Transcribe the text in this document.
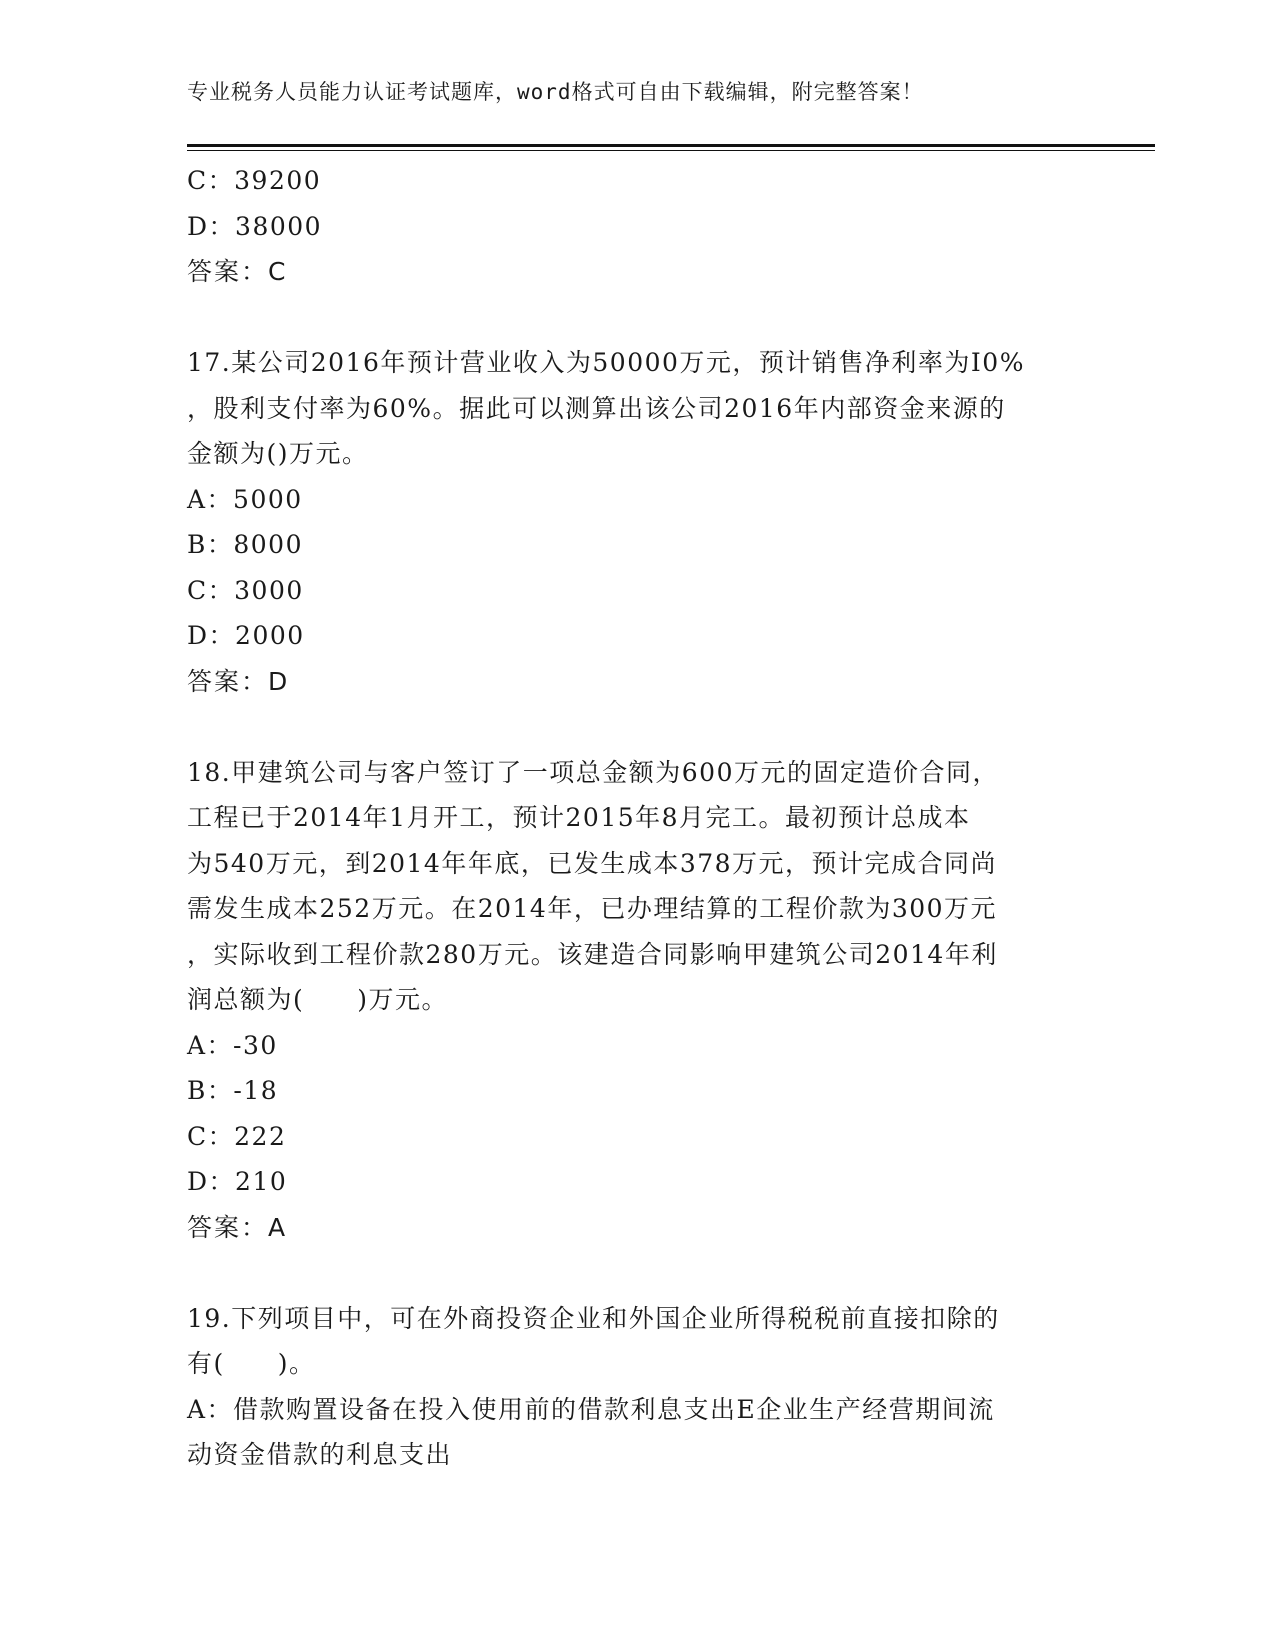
专业税务人员能力认证考试题库，word格式可自由下载编辑，附完整答案！

C：39200

D：38000

答案：C

17.某公司2016年预计营业收入为50000万元，预计销售净利率为I0%

，股利支付率为60%。据此可以测算出该公司2016年内部资金来源的

金额为()万元。

A：5000

B：8000

C：3000

D：2000

答案：D

18.甲建筑公司与客户签订了一项总金额为600万元的固定造价合同，

工程已于2014年1月开工，预计2015年8月完工。最初预计总成本

为540万元，到2014年年底，已发生成本378万元，预计完成合同尚

需发生成本252万元。在2014年，已办理结算的工程价款为300万元

，实际收到工程价款280万元。该建造合同影响甲建筑公司2014年利

润总额为(　　)万元。

A：-30

B：-18

C：222

D：210

答案：A

19.下列项目中，可在外商投资企业和外国企业所得税税前直接扣除的

有(　　)。

A：借款购置设备在投入使用前的借款利息支出E企业生产经营期间流

动资金借款的利息支出
